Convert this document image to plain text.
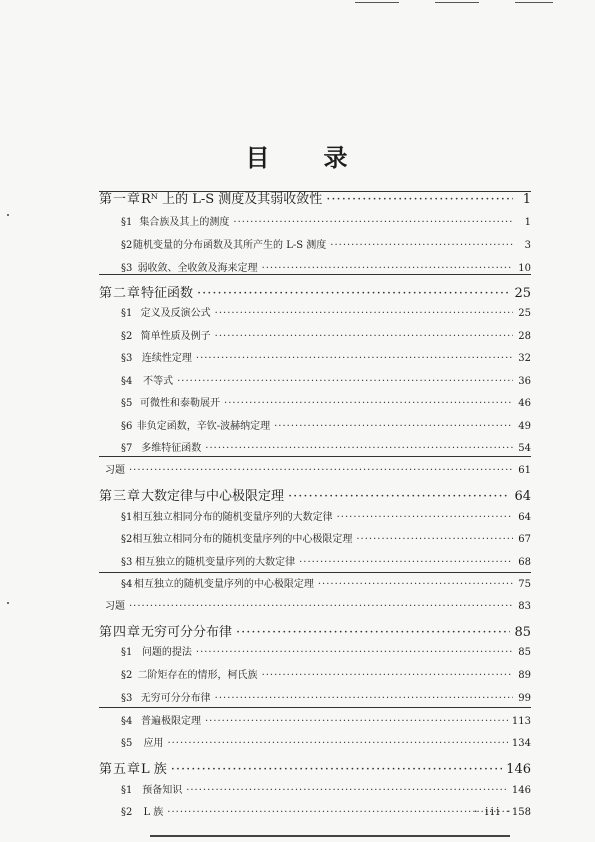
目　　录
第一章 Rᴺ 上的 L-S 测度及其弱收敛性 ·····	1
§1 集合族及其上的测度 ·····	1
§2 随机变量的分布函数及其所产生的 L-S 测度 ·····	3
§3 弱收敛、全收敛及海来定理 ·····	10
第二章 特征函数 ·····	25
§1 定义及反演公式 ·····	25
§2 简单性质及例子 ·····	28
§3 连续性定理 ·····	32
§4	不等式 ·····	36
§5 可微性和泰勒展开 ·····	46
§6 非负定函数，辛钦-波赫纳定理 ·····	49
§7 多维特征函数 ·····	54
习题 ·····	61
第三章 大数定律与中心极限定理 ·····	64
§1 相互独立相同分布的随机变量序列的大数定律 ·····	64
§2 相互独立相同分布的随机变量序列的中心极限定理 ·····	67
§3 相互独立的随机变量序列的大数定律 ·····	68
§4 相互独立的随机变量序列的中心极限定理 ·····	75
习题 ·····	83
第四章 无穷可分分布律 ·····	85
§1 问题的提法 ·····	85
§2 二阶矩存在的情形，柯氏族 ·····	89
§3 无穷可分分布律 ·····	99
§4 普遍极限定理 ·····	113
§5	应用 ·····	134
第五章 L 族 ·····	146
§1 预备知识 ·····	146
§2	L 族 ·····	158
· iii ·
